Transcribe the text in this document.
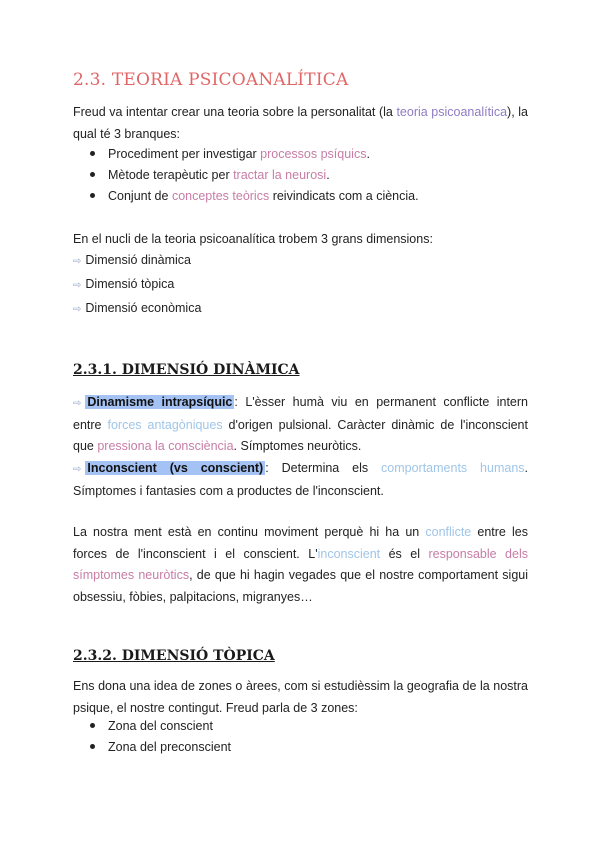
2.3. TEORIA PSICOANALÍTICA

Freud va intentar crear una teoria sobre la personalitat (la teoria psicoanalítica), la qual té 3 branques:

Procediment per investigar processos psíquics.

Mètode terapèutic per tractar la neurosi.

Conjunt de conceptes teòrics reivindicats com a ciència.

En el nucli de la teoria psicoanalítica trobem 3 grans dimensions:

⇨ Dimensió dinàmica

⇨ Dimensió tòpica

⇨ Dimensió econòmica

2.3.1. DIMENSIÓ DINÀMICA

⇨ Dinamisme intrapsíquic : L'èsser humà viu en permanent conflicte intern entre forces antagòniques d'origen pulsional. Caràcter dinàmic de l'inconscient que pressiona la consciència. Símptomes neuròtics.

⇨ Inconscient (vs conscient) : Determina els comportaments humans. Símptomes i fantasies com a productes de l'inconscient.

La nostra ment està en continu moviment perquè hi ha un conflicte entre les forces de l'inconscient i el conscient. L'inconscient és el responsable dels símptomes neuròtics, de que hi hagin vegades que el nostre comportament sigui obsessiu, fòbies, palpitacions, migranyes…

2.3.2. DIMENSIÓ TÒPICA

Ens dona una idea de zones o àrees, com si estudièssim la geografia de la nostra psique, el nostre contingut. Freud parla de 3 zones:

Zona del conscient

Zona del preconscient
